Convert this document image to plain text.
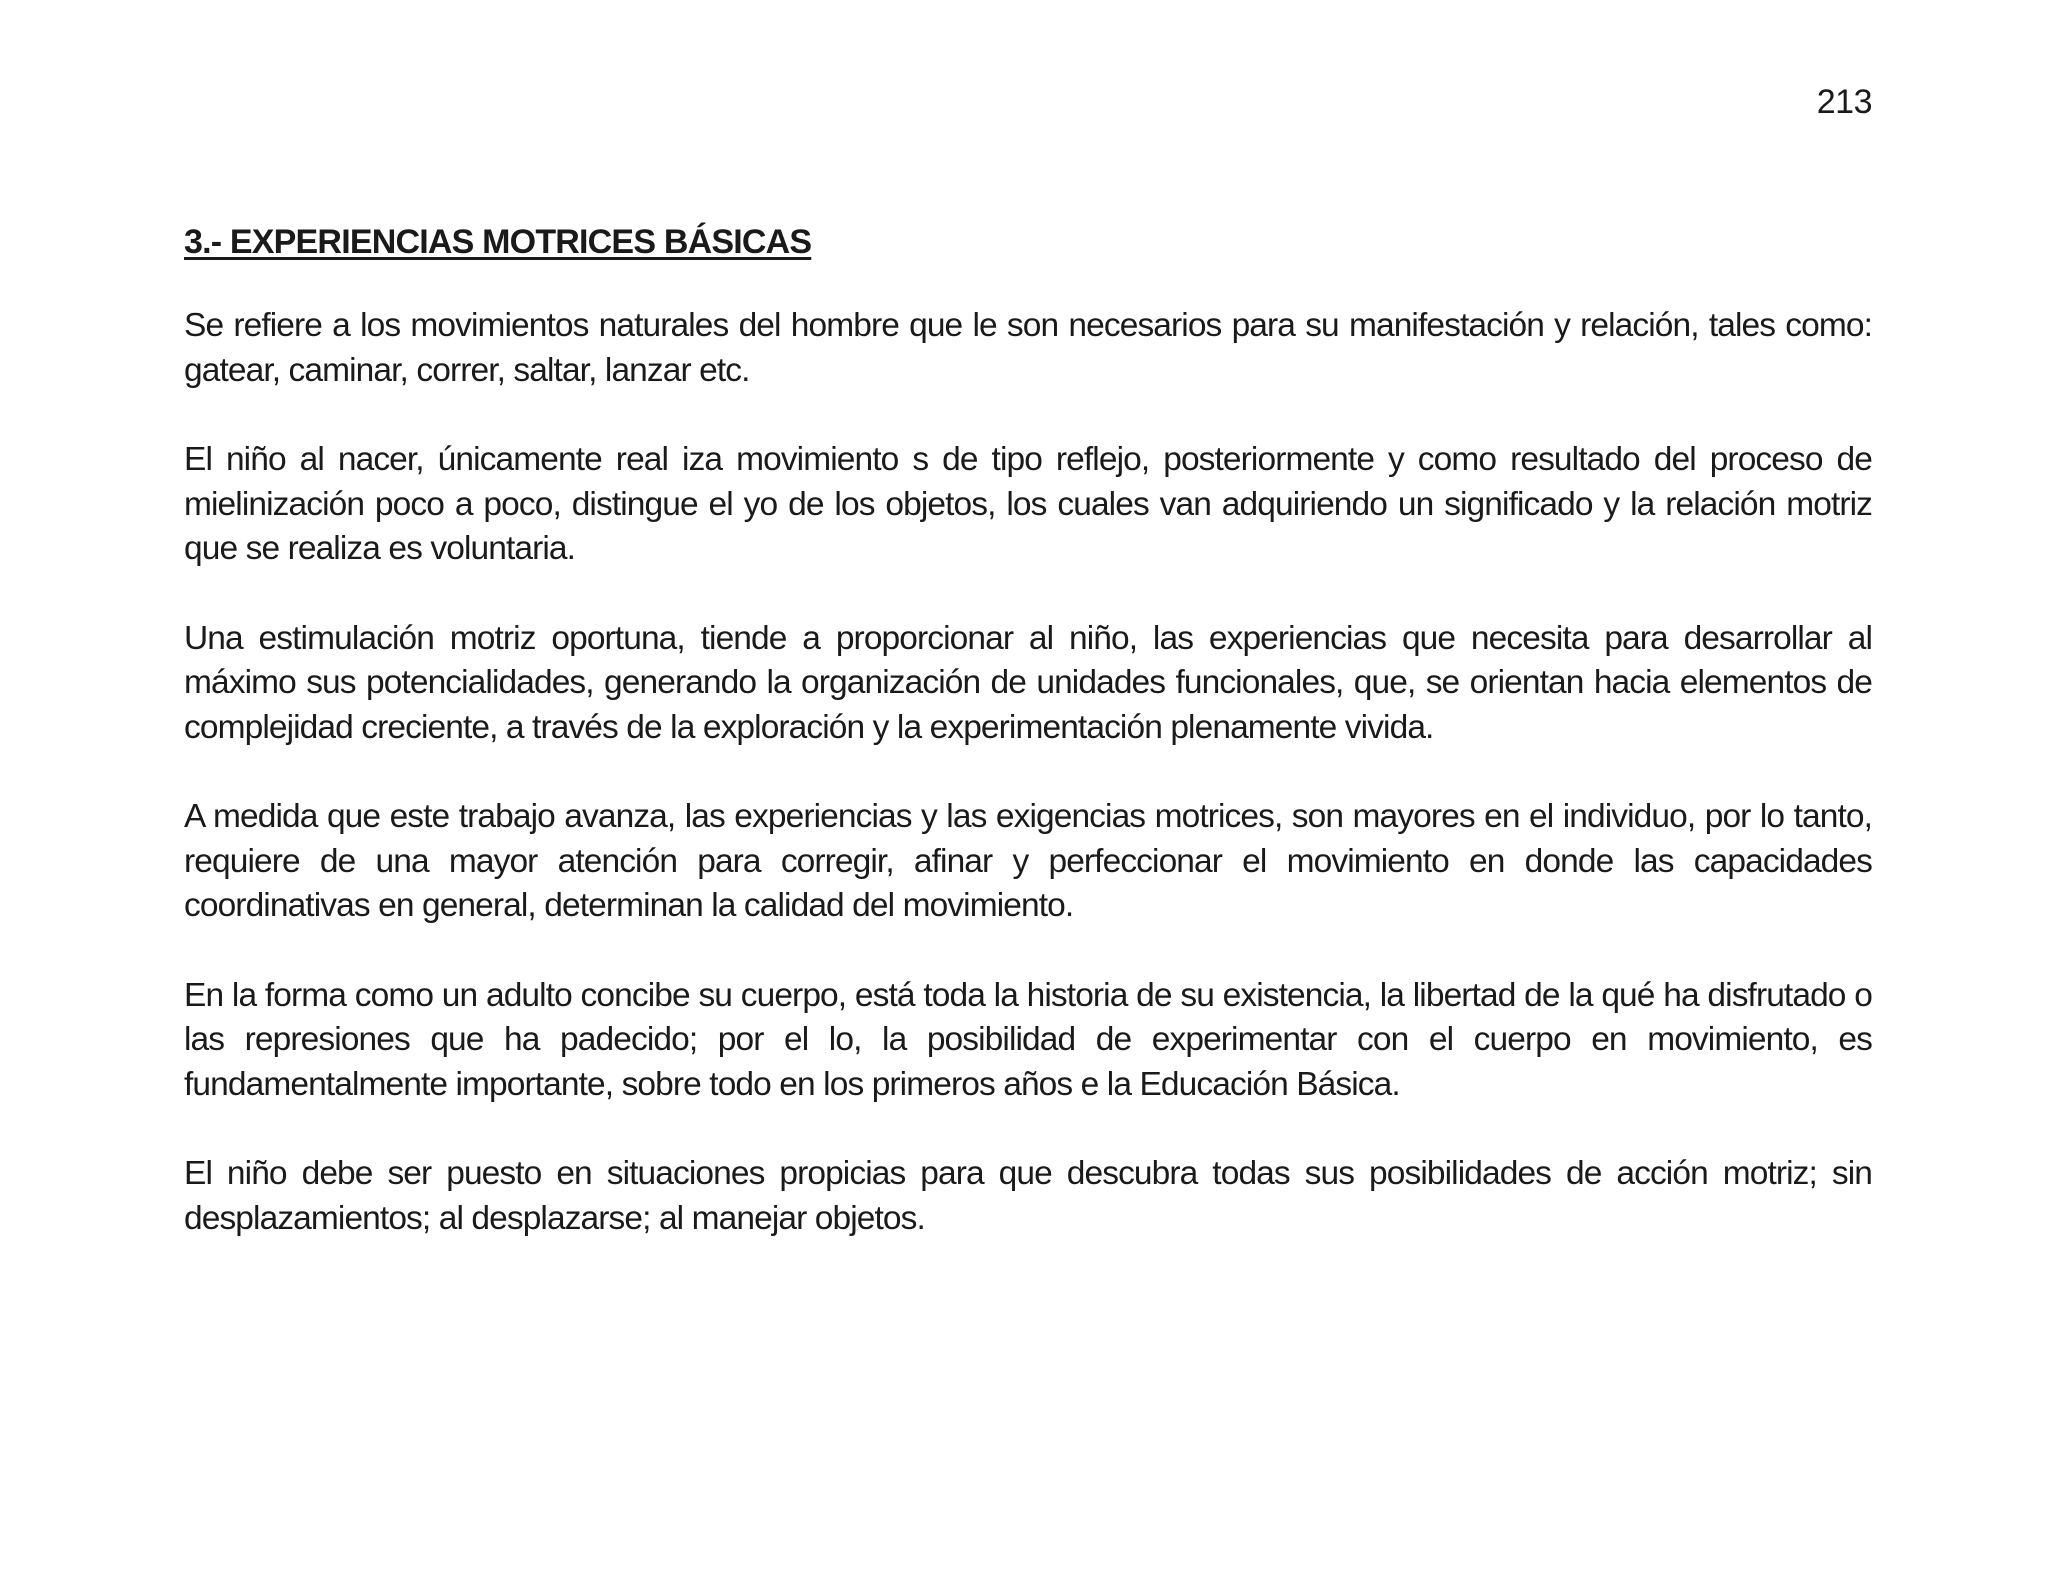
213
3.- EXPERIENCIAS MOTRICES BÁSICAS

Se refiere a los movimientos naturales del hombre que le son necesarios para su manifestación y relación, tales como: gatear, caminar, correr, saltar, lanzar etc.

El niño al nacer, únicamente real iza movimiento s de tipo reflejo, posteriormente y como resultado del proceso de mielinización poco a poco, distingue el yo de los objetos, los cuales van adquiriendo un significado y la relación motriz que se realiza es voluntaria.

Una estimulación motriz oportuna, tiende a proporcionar al niño, las experiencias que necesita para desarrollar al máximo sus potencialidades, generando la organización de unidades funcionales, que, se orientan hacia elementos de complejidad creciente, a través de la exploración y la experimentación plenamente vivida.

A medida que este trabajo avanza, las experiencias y las exigencias motrices, son mayores en el individuo, por lo tanto, requiere de una mayor atención para corregir, afinar y perfeccionar el movimiento en donde las capacidades coordinativas en general, determinan la calidad del movimiento.

En la forma como un adulto concibe su cuerpo, está toda la historia de su existencia, la libertad de la qué ha disfrutado o las represiones que ha padecido; por el lo, la posibilidad de experimentar con el cuerpo en movimiento, es fundamentalmente importante, sobre todo en los primeros años e la Educación Básica.

El niño debe ser puesto en situaciones propicias para que descubra todas sus posibilidades de acción motriz; sin desplazamientos; al desplazarse; al manejar objetos.
